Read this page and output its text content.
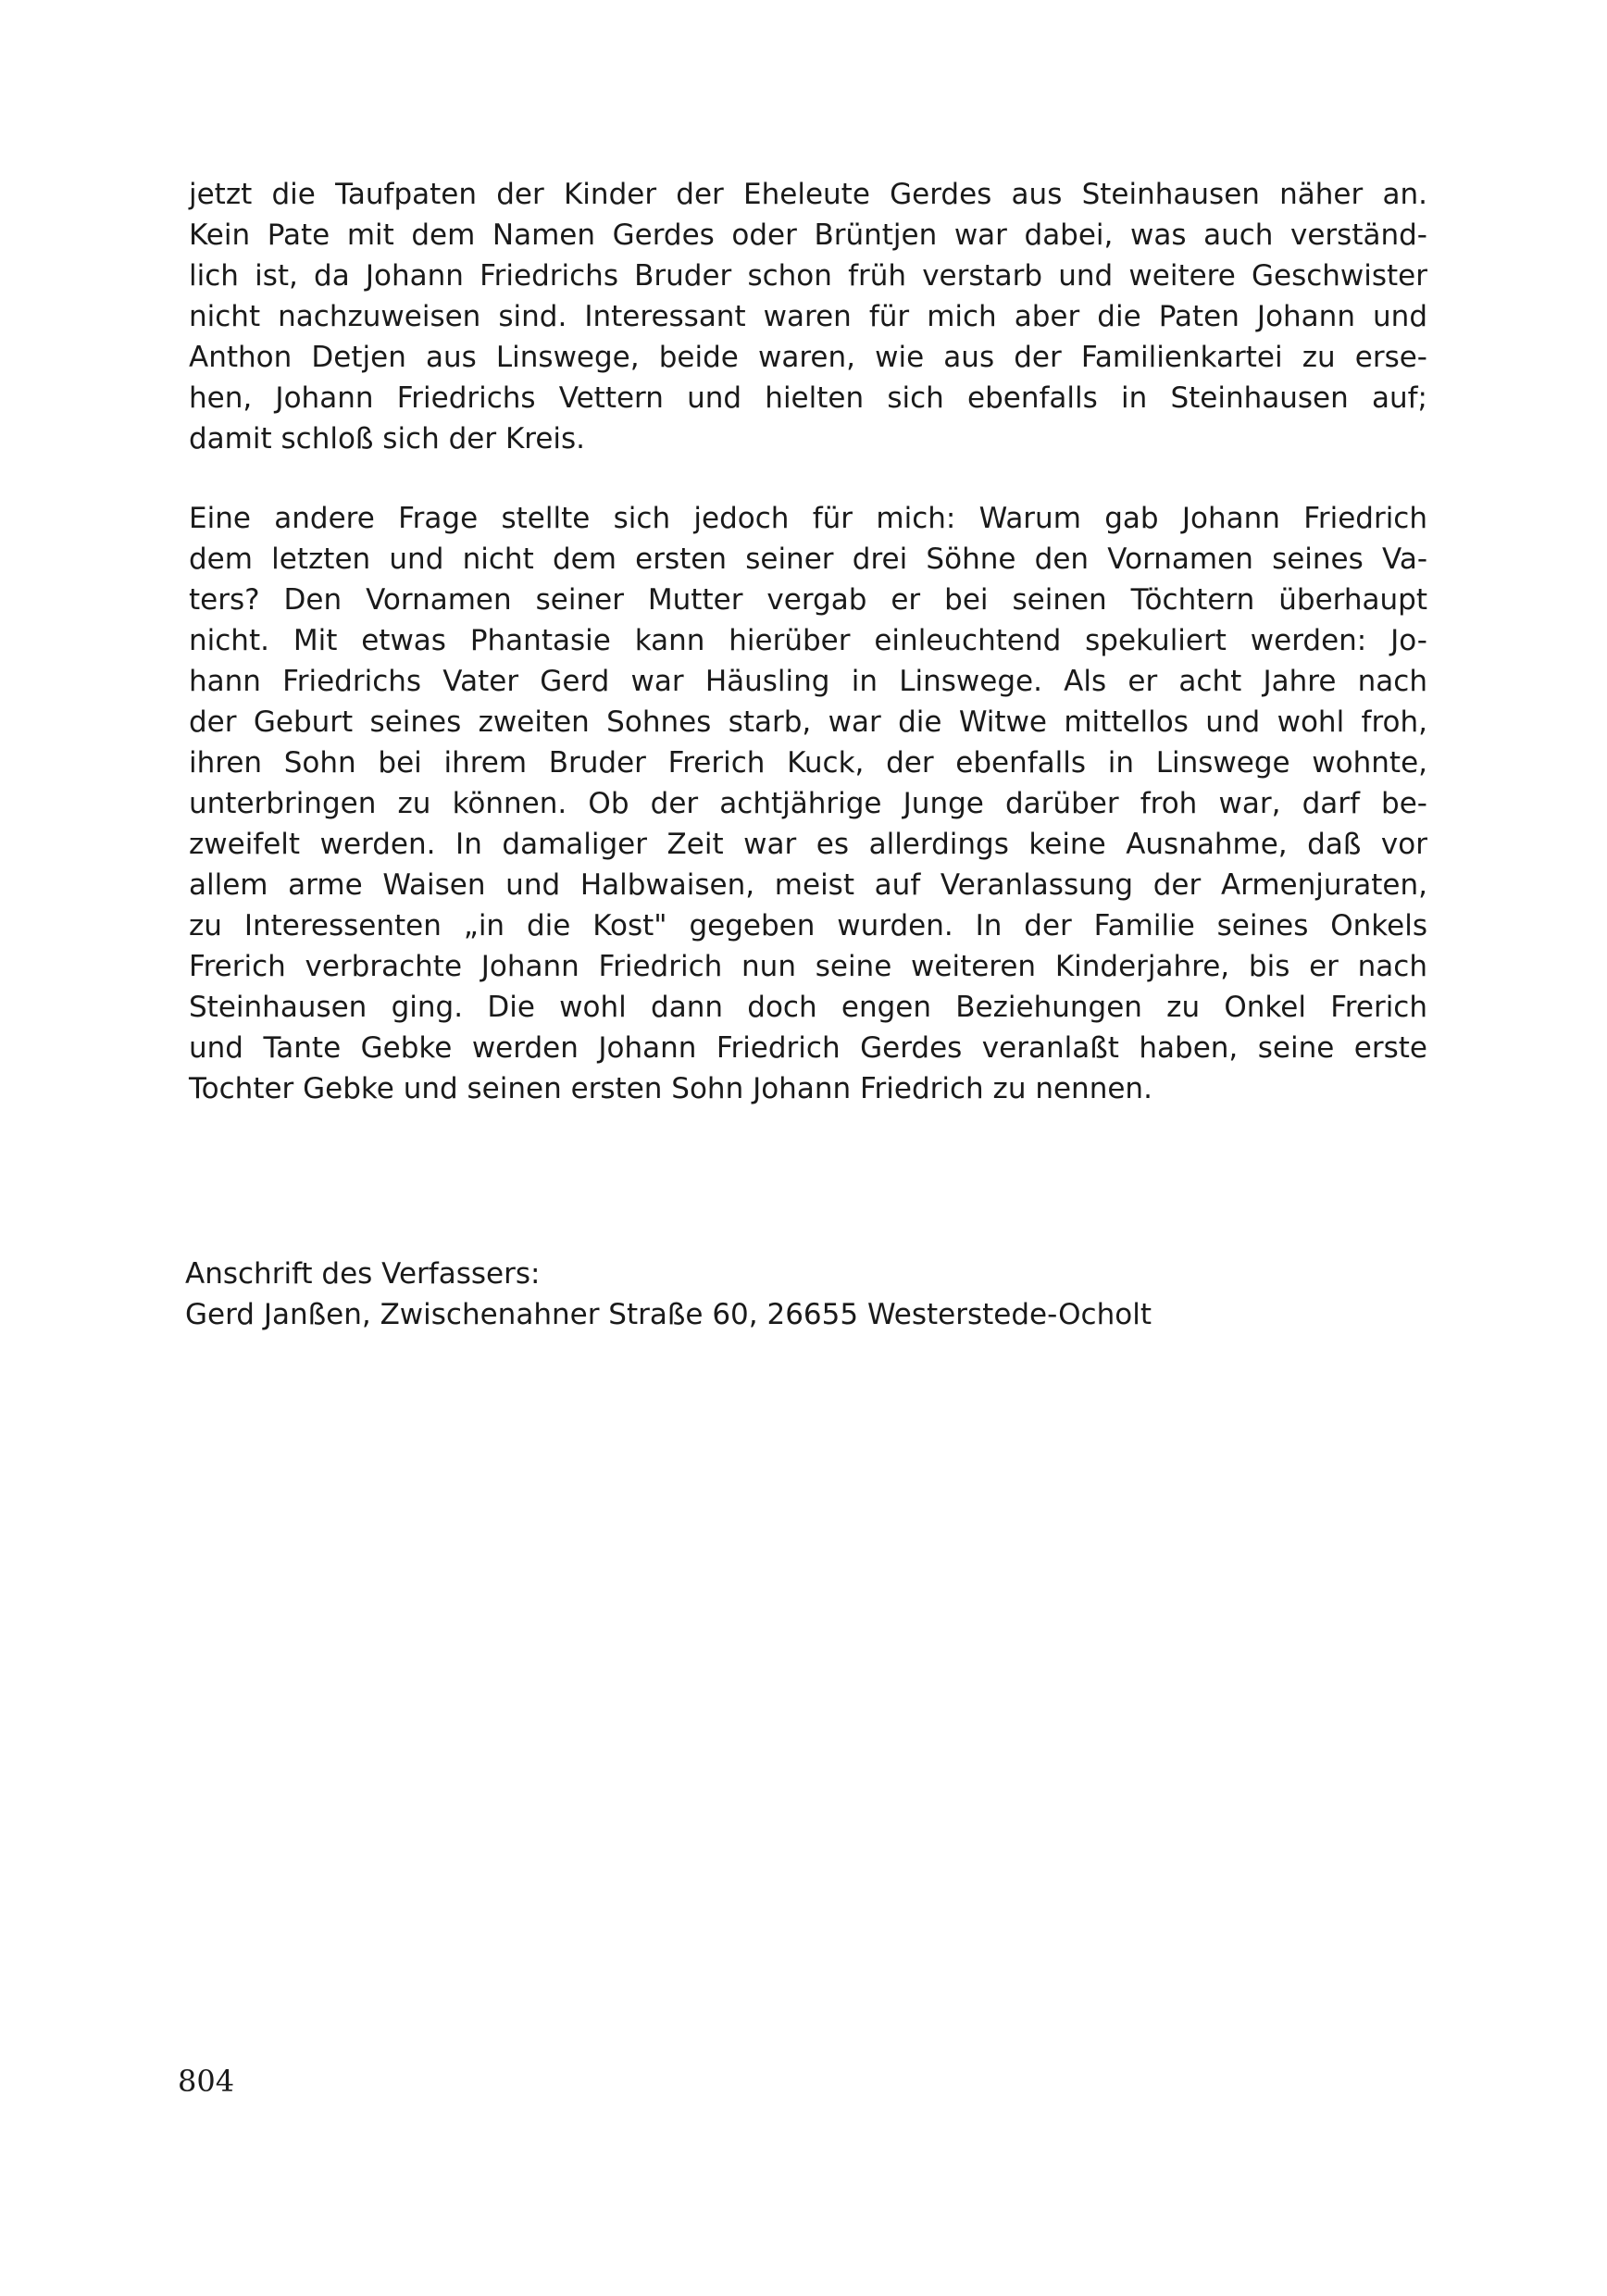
jetzt die Taufpaten der Kinder der Eheleute Gerdes aus Steinhausen näher an.
Kein Pate mit dem Namen Gerdes oder Brüntjen war dabei, was auch verständ-
lich ist, da Johann Friedrichs Bruder schon früh verstarb und weitere Geschwister
nicht nachzuweisen sind. Interessant waren für mich aber die Paten Johann und
Anthon Detjen aus Linswege, beide waren, wie aus der Familienkartei zu erse-
hen, Johann Friedrichs Vettern und hielten sich ebenfalls in Steinhausen auf;
damit schloß sich der Kreis.
Eine andere Frage stellte sich jedoch für mich: Warum gab Johann Friedrich
dem letzten und nicht dem ersten seiner drei Söhne den Vornamen seines Va-
ters? Den Vornamen seiner Mutter vergab er bei seinen Töchtern überhaupt
nicht. Mit etwas Phantasie kann hierüber einleuchtend spekuliert werden: Jo-
hann Friedrichs Vater Gerd war Häusling in Linswege. Als er acht Jahre nach
der Geburt seines zweiten Sohnes starb, war die Witwe mittellos und wohl froh,
ihren Sohn bei ihrem Bruder Frerich Kuck, der ebenfalls in Linswege wohnte,
unterbringen zu können. Ob der achtjährige Junge darüber froh war, darf be-
zweifelt werden. In damaliger Zeit war es allerdings keine Ausnahme, daß vor
allem arme Waisen und Halbwaisen, meist auf Veranlassung der Armenjuraten,
zu Interessenten „in die Kost" gegeben wurden. In der Familie seines Onkels
Frerich verbrachte Johann Friedrich nun seine weiteren Kinderjahre, bis er nach
Steinhausen ging. Die wohl dann doch engen Beziehungen zu Onkel Frerich
und Tante Gebke werden Johann Friedrich Gerdes veranlaßt haben, seine erste
Tochter Gebke und seinen ersten Sohn Johann Friedrich zu nennen.
Anschrift des Verfassers:
Gerd Janßen, Zwischenahner Straße 60, 26655 Westerstede-Ocholt
804
